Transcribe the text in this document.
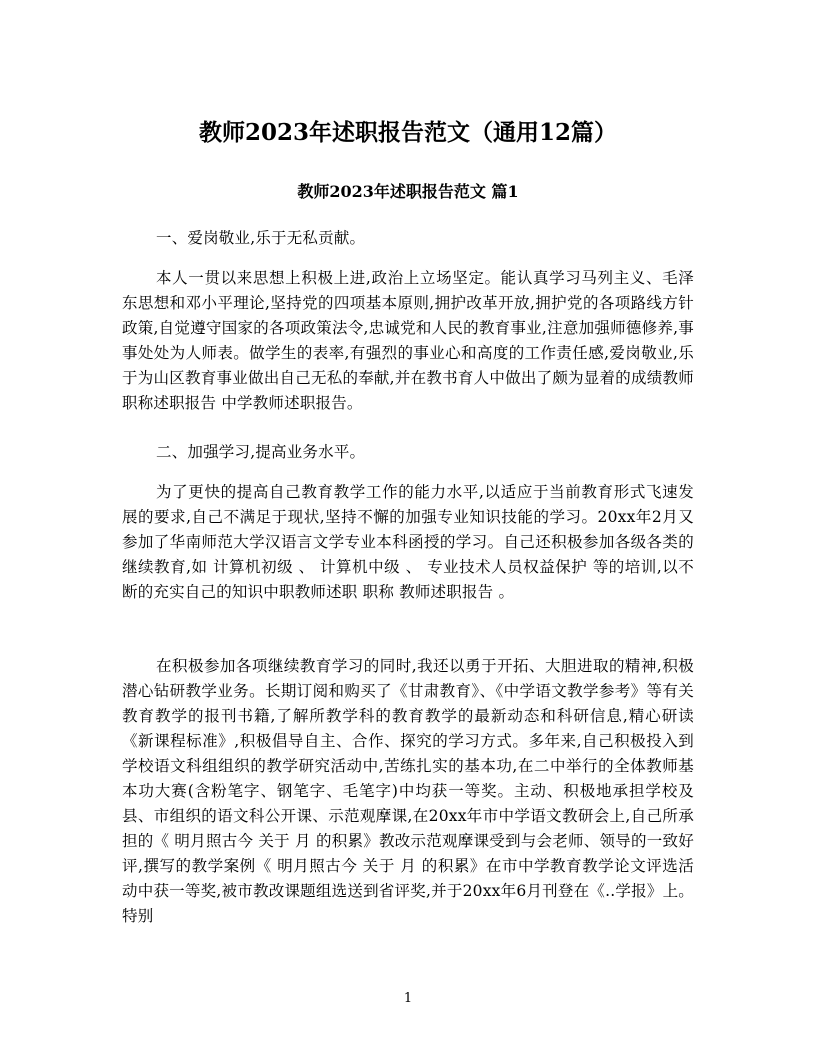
教师2023年述职报告范文（通用12篇）
教师2023年述职报告范文 篇1

一、爱岗敬业,乐于无私贡献。

本人一贯以来思想上积极上进,政治上立场坚定。能认真学习马列主义、毛泽东思想和邓小平理论,坚持党的四项基本原则,拥护改革开放,拥护党的各项路线方针政策,自觉遵守国家的各项政策法令,忠诚党和人民的教育事业,注意加强师德修养,事事处处为人师表。做学生的表率,有强烈的事业心和高度的工作责任感,爱岗敬业,乐于为山区教育事业做出自己无私的奉献,并在教书育人中做出了颇为显着的成绩教师职称述职报告 中学教师述职报告。

二、加强学习,提高业务水平。

为了更快的提高自己教育教学工作的能力水平,以适应于当前教育形式飞速发展的要求,自己不满足于现状,坚持不懈的加强专业知识技能的学习。20xx年2月又参加了华南师范大学汉语言文学专业本科函授的学习。自己还积极参加各级各类的继续教育,如 计算机初级 、 计算机中级 、 专业技术人员权益保护 等的培训,以不断的充实自己的知识中职教师述职 职称 教师述职报告 。

在积极参加各项继续教育学习的同时,我还以勇于开拓、大胆进取的精神,积极潜心钻研教学业务。长期订阅和购买了《甘肃教育》、《中学语文教学参考》等有关教育教学的报刊书籍,了解所教学科的教育教学的最新动态和科研信息,精心研读《新课程标准》,积极倡导自主、合作、探究的学习方式。多年来,自己积极投入到学校语文科组组织的教学研究活动中,苦练扎实的基本功,在二中举行的全体教师基本功大赛(含粉笔字、钢笔字、毛笔字)中均获一等奖。主动、积极地承担学校及县、市组织的语文科公开课、示范观摩课,在20xx年市中学语文教研会上,自己所承担的《 明月照古今 关于 月 的积累》教改示范观摩课受到与会老师、领导的一致好评,撰写的教学案例《 明月照古今 关于 月 的积累》在市中学教育教学论文评选活动中获一等奖,被市教改课题组选送到省评奖,并于20xx年6月刊登在《..学报》上。特别

1
